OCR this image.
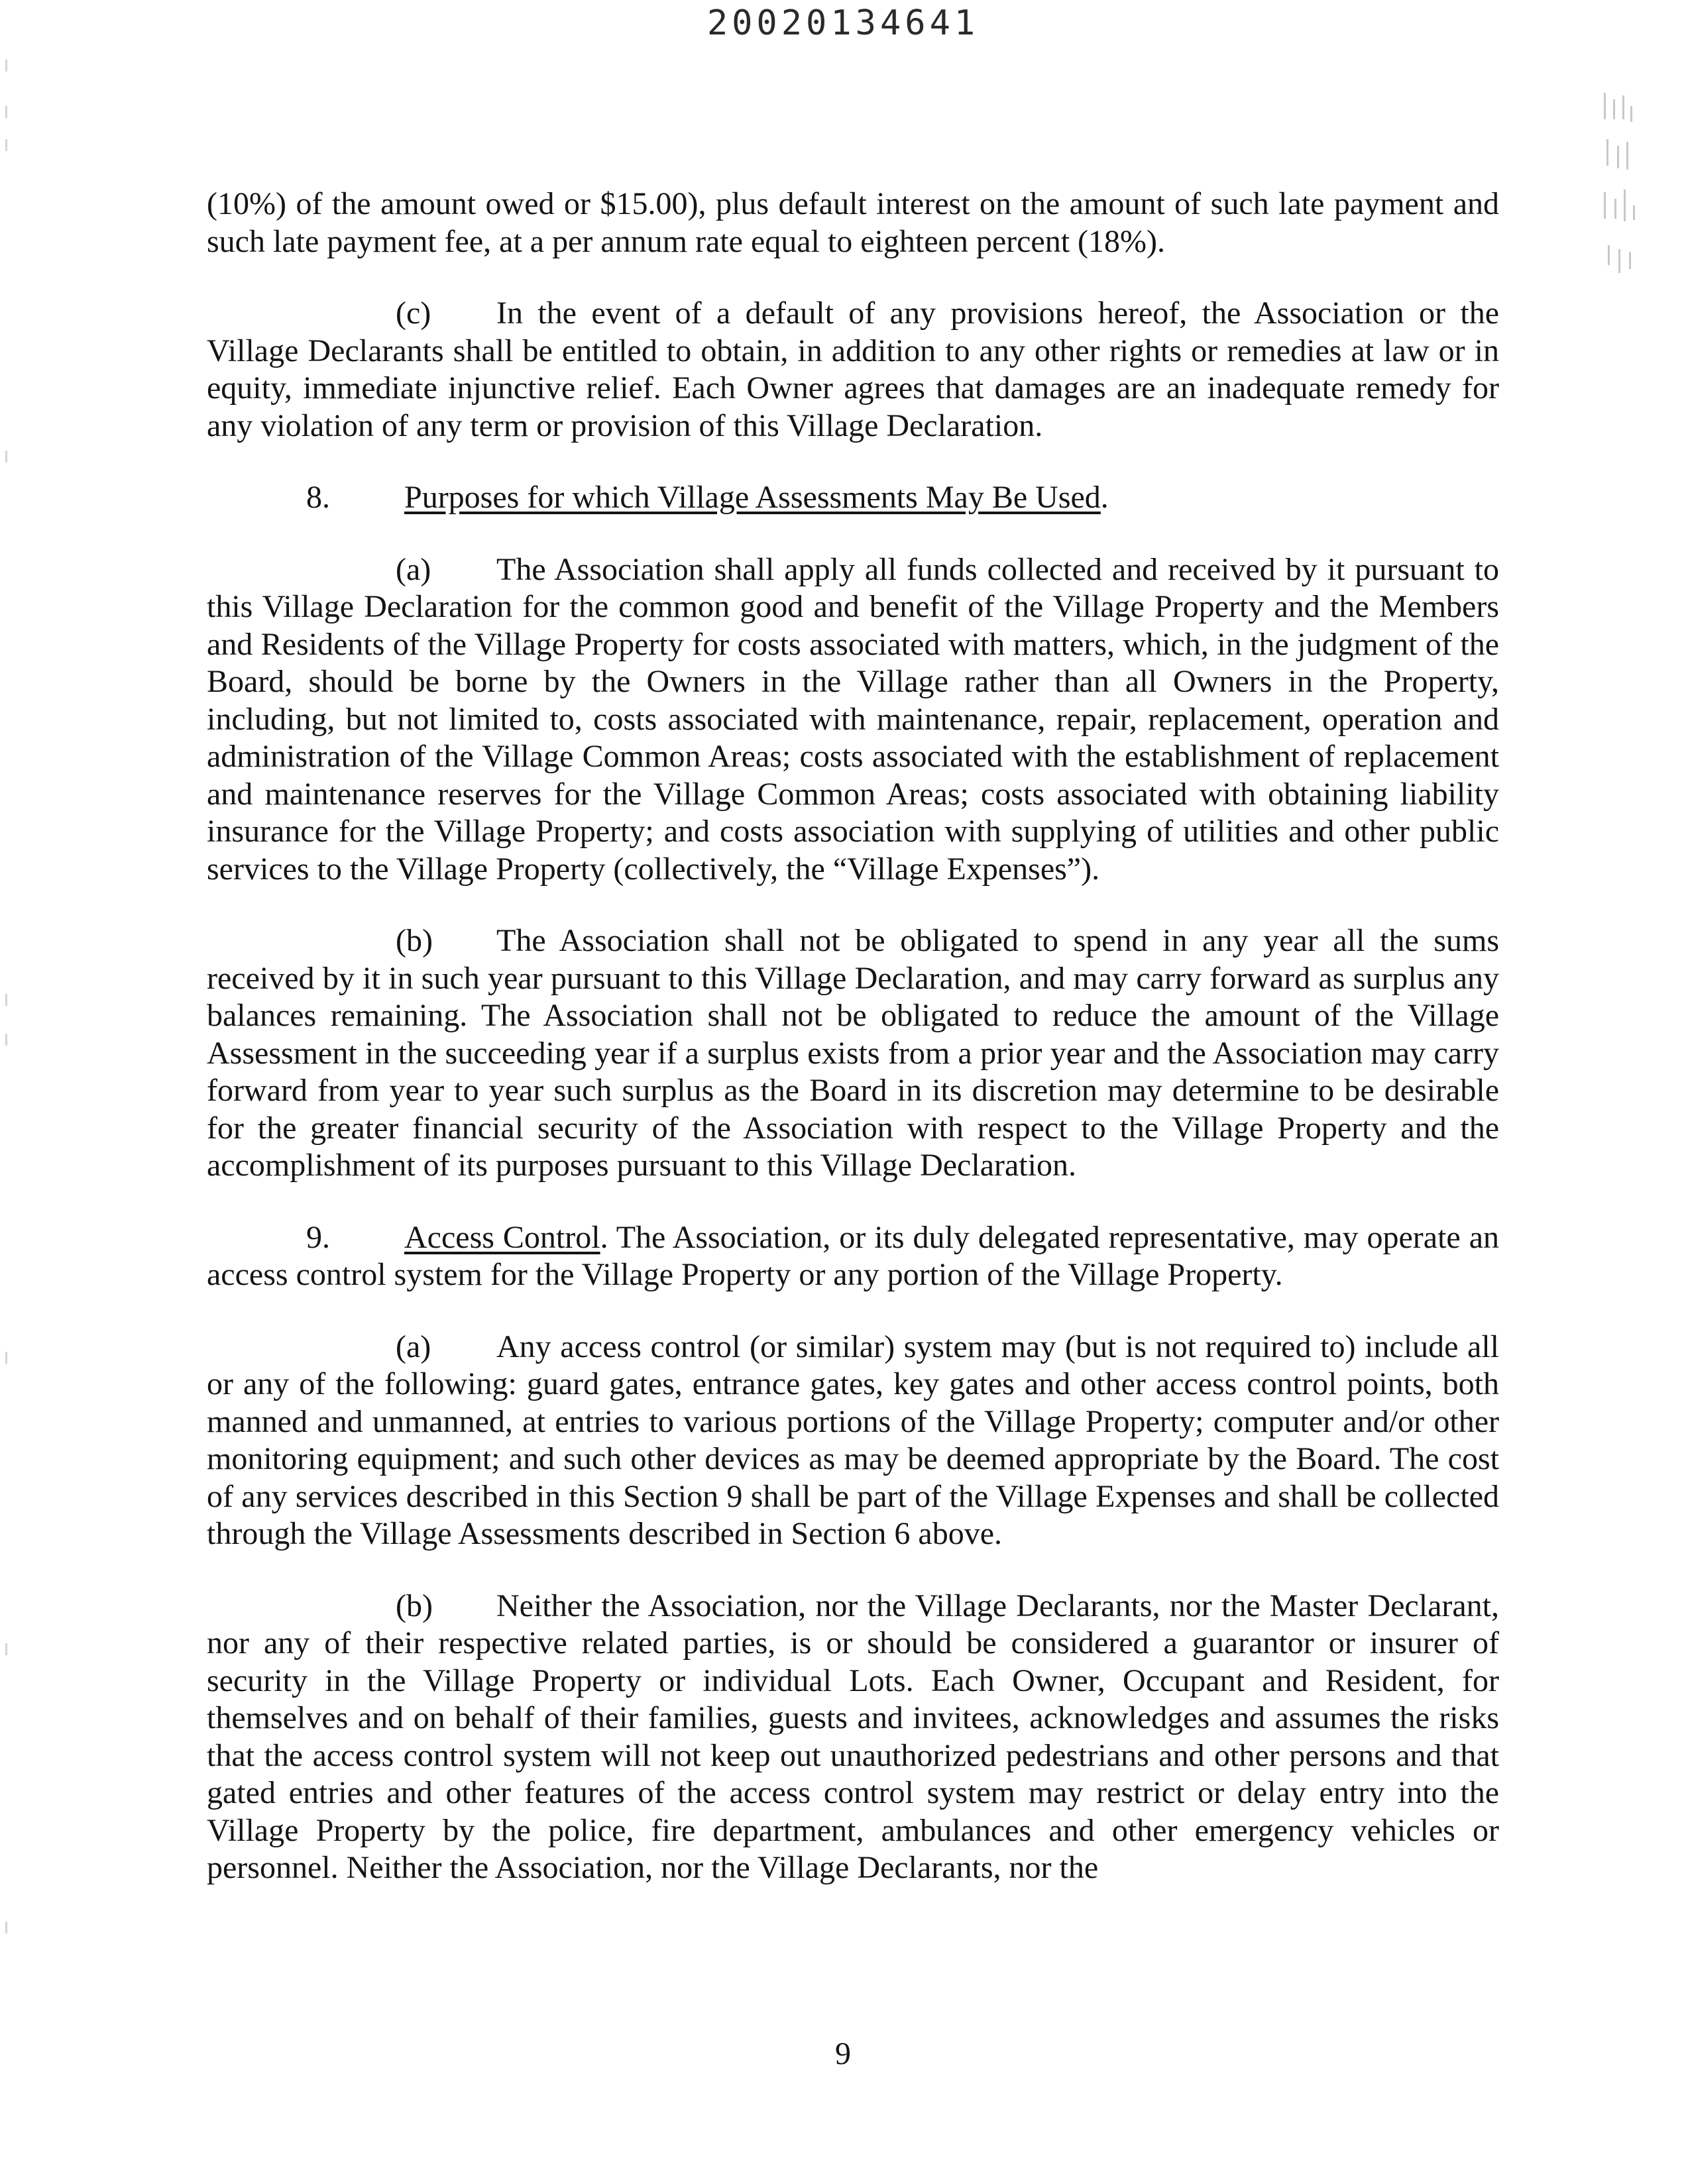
20020134641

(10%) of the amount owed or $15.00), plus default interest on the amount of such late payment and such late payment fee, at a per annum rate equal to eighteen percent (18%).

(c) In the event of a default of any provisions hereof, the Association or the Village Declarants shall be entitled to obtain, in addition to any other rights or remedies at law or in equity, immediate injunctive relief. Each Owner agrees that damages are an inadequate remedy for any violation of any term or provision of this Village Declaration.

8. Purposes for which Village Assessments May Be Used.

(a) The Association shall apply all funds collected and received by it pursuant to this Village Declaration for the common good and benefit of the Village Property and the Members and Residents of the Village Property for costs associated with matters, which, in the judgment of the Board, should be borne by the Owners in the Village rather than all Owners in the Property, including, but not limited to, costs associated with maintenance, repair, replacement, operation and administration of the Village Common Areas; costs associated with the establishment of replacement and maintenance reserves for the Village Common Areas; costs associated with obtaining liability insurance for the Village Property; and costs association with supplying of utilities and other public services to the Village Property (collectively, the “Village Expenses”).

(b) The Association shall not be obligated to spend in any year all the sums received by it in such year pursuant to this Village Declaration, and may carry forward as surplus any balances remaining. The Association shall not be obligated to reduce the amount of the Village Assessment in the succeeding year if a surplus exists from a prior year and the Association may carry forward from year to year such surplus as the Board in its discretion may determine to be desirable for the greater financial security of the Association with respect to the Village Property and the accomplishment of its purposes pursuant to this Village Declaration.

9. Access Control. The Association, or its duly delegated representative, may operate an access control system for the Village Property or any portion of the Village Property.

(a) Any access control (or similar) system may (but is not required to) include all or any of the following: guard gates, entrance gates, key gates and other access control points, both manned and unmanned, at entries to various portions of the Village Property; computer and/or other monitoring equipment; and such other devices as may be deemed appropriate by the Board. The cost of any services described in this Section 9 shall be part of the Village Expenses and shall be collected through the Village Assessments described in Section 6 above.

(b) Neither the Association, nor the Village Declarants, nor the Master Declarant, nor any of their respective related parties, is or should be considered a guarantor or insurer of security in the Village Property or individual Lots. Each Owner, Occupant and Resident, for themselves and on behalf of their families, guests and invitees, acknowledges and assumes the risks that the access control system will not keep out unauthorized pedestrians and other persons and that gated entries and other features of the access control system may restrict or delay entry into the Village Property by the police, fire department, ambulances and other emergency vehicles or personnel. Neither the Association, nor the Village Declarants, nor the

9
